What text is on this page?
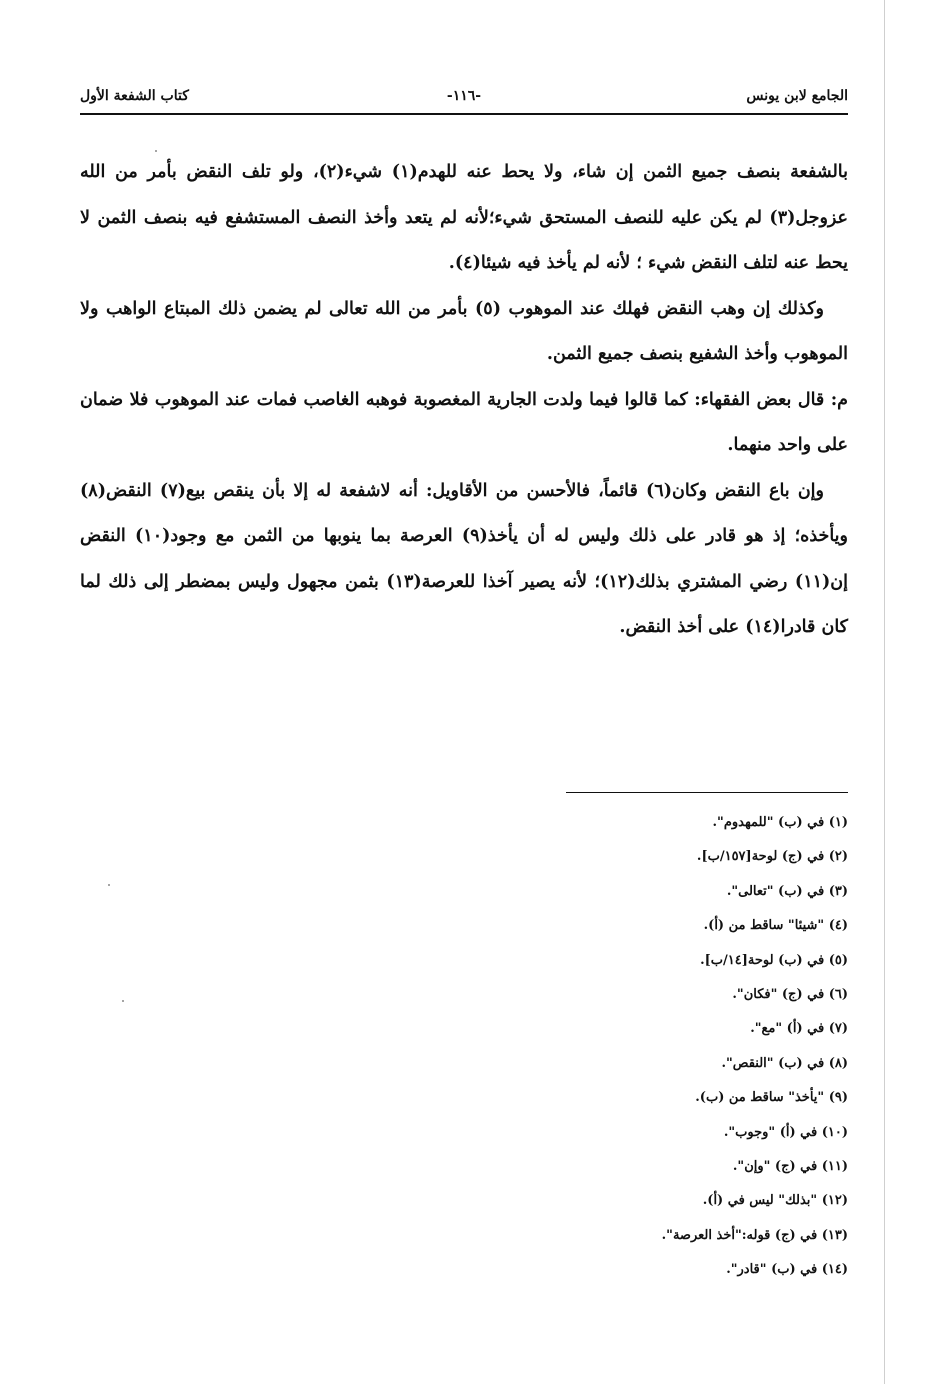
الجامع لابن يونس
-١١٦-
كتاب الشفعة الأول

بالشفعة بنصف جميع الثمن إن شاء، ولا يحط عنه للهدم(١) شيء(٢)، ولو تلف النقض بأمر من الله عزوجل(٣) لم يكن عليه للنصف المستحق شيء؛لأنه لم يتعد وأخذ النصف المستشفع فيه بنصف الثمن لا يحط عنه لتلف النقض شيء ؛ لأنه لم يأخذ فيه شيئا(٤).

وكذلك إن وهب النقض فهلك عند الموهوب (٥) بأمر من الله تعالى لم يضمن ذلك المبتاع الواهب ولا الموهوب وأخذ الشفيع بنصف جميع الثمن.

م: قال بعض الفقهاء: كما قالوا فيما ولدت الجارية المغصوبة فوهبه الغاصب فمات عند الموهوب فلا ضمان على واحد منهما.

وإن باع النقض وكان(٦) قائماً، فالأحسن من الأقاويل: أنه لاشفعة له إلا بأن ينقص بيع(٧) النقض(٨) ويأخذه؛ إذ هو قادر على ذلك وليس له أن يأخذ(٩) العرصة بما ينوبها من الثمن مع وجود(١٠) النقض إن(١١) رضي المشتري بذلك(١٢)؛ لأنه يصير آخذا للعرصة(١٣) بثمن مجهول وليس بمضطر إلى ذلك لما كان قادرا(١٤) على أخذ النقض.

(١) في (ب) "للمهدوم".
(٢) في (ج) لوحة[١٥٧/ب].
(٣) في (ب) "تعالى".
(٤) "شيئا" ساقط من (أ).
(٥) في (ب) لوحة[١٤/ب].
(٦) في (ج) "فكان".
(٧) في (أ) "مع".
(٨) في (ب) "النقص".
(٩) "يأخذ" ساقط من (ب).
(١٠) في (أ) "وجوب".
(١١) في (ج) "وإن".
(١٢) "بذلك" ليس في (أ).
(١٣) في (ج) قوله:"أخذ العرصة".
(١٤) في (ب) "قادر".
